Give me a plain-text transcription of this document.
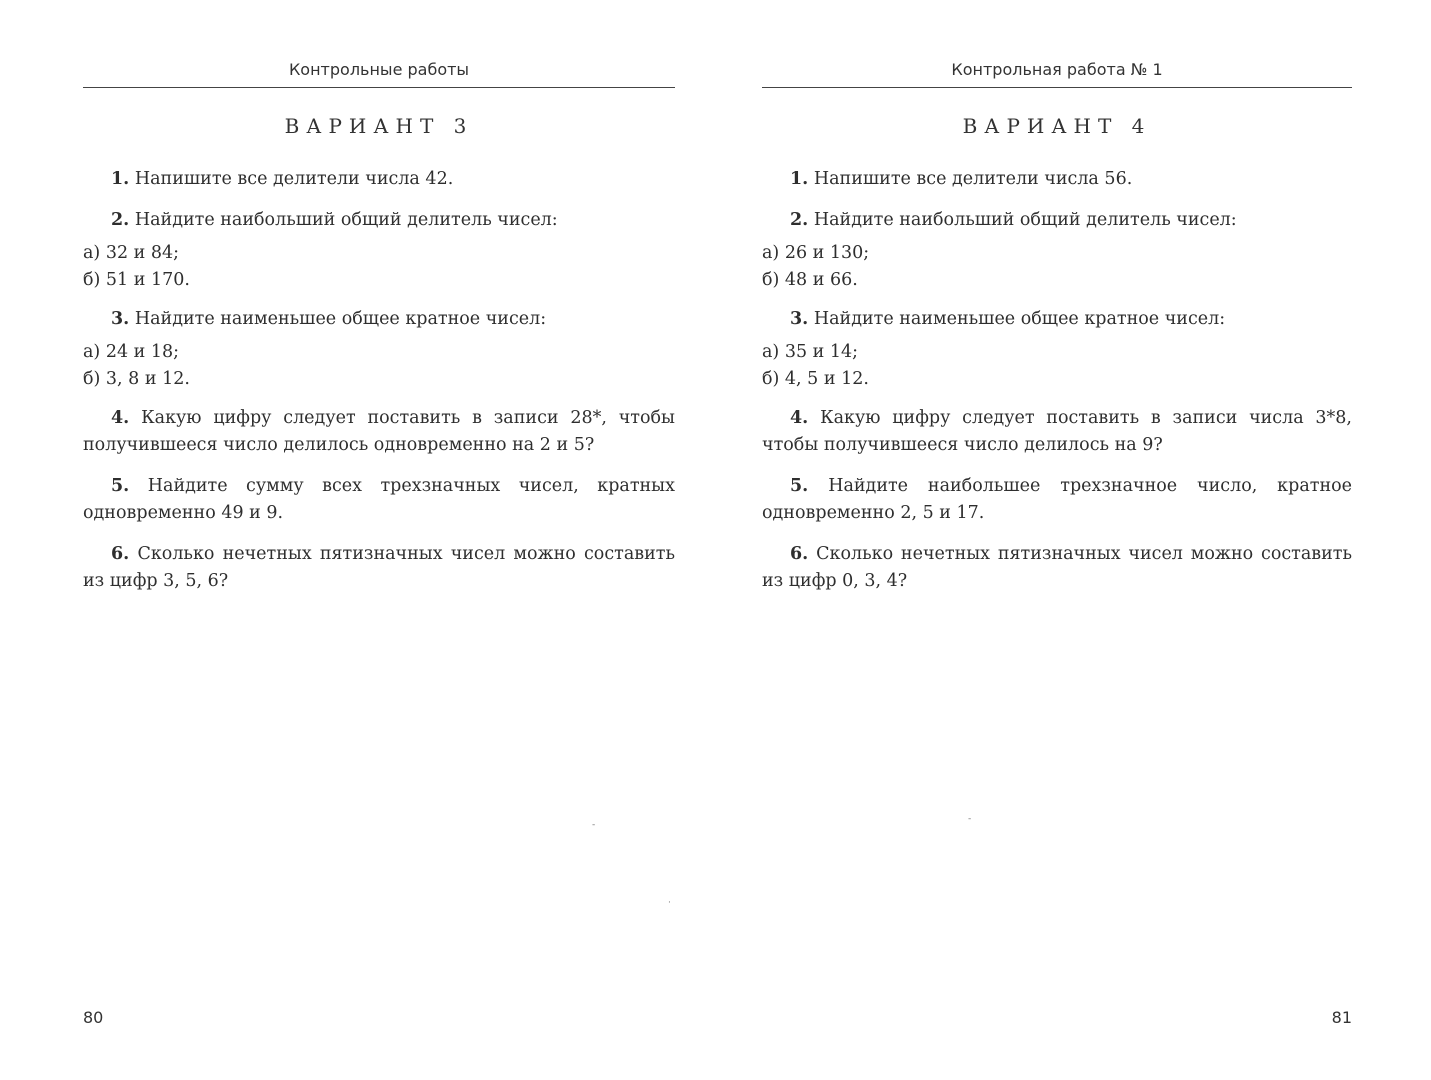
Контрольные работы
ВАРИАНТ 3

1. Напишите все делители числа 42.

2. Найдите наибольший общий делитель чисел:

а) 32 и 84;

б) 51 и 170.

3. Найдите наименьшее общее кратное чисел:

а) 24 и 18;

б) 3, 8 и 12.

4. Какую цифру следует поставить в записи 28*, чтобы получившееся число делилось одновременно на 2 и 5?

5. Найдите сумму всех трехзначных чисел, кратных одновременно 49 и 9.

6. Сколько нечетных пятизначных чисел можно составить из цифр 3, 5, 6?

80
Контрольная работа № 1
ВАРИАНТ 4

1. Напишите все делители числа 56.

2. Найдите наибольший общий делитель чисел:

а) 26 и 130;

б) 48 и 66.

3. Найдите наименьшее общее кратное чисел:

а) 35 и 14;

б) 4, 5 и 12.

4. Какую цифру следует поставить в записи числа 3*8, чтобы получившееся число делилось на 9?

5. Найдите наибольшее трехзначное число, кратное одновременно 2, 5 и 17.

6. Сколько нечетных пятизначных чисел можно составить из цифр 0, 3, 4?

81
-
·
-
